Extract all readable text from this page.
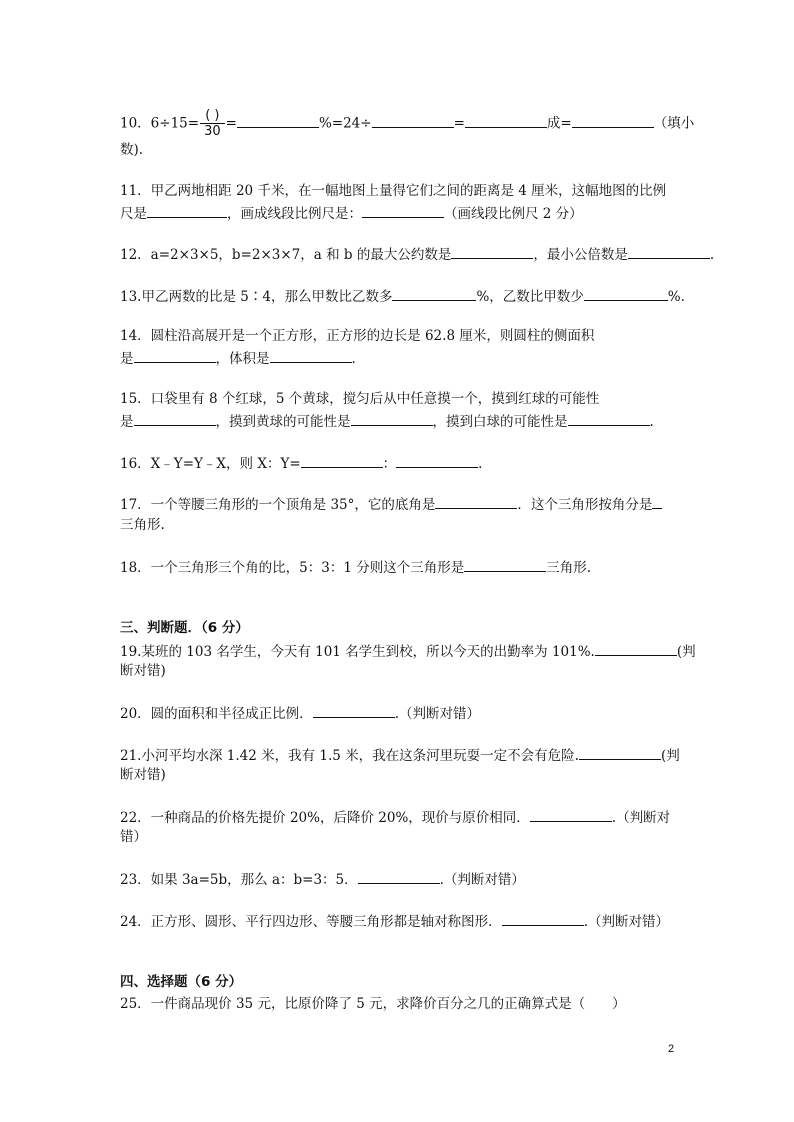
10．$6\div 15= \frac{( )}{30}$ =	%=24÷	=	成=	（填小
数).
11．甲乙两地相距 20 千米，在一幅地图上量得它们之间的距离是 4 厘米，这幅地图的比例
尺是	，画成线段比例尺是：	（画线段比例尺 2 分）
12．a=2×3×5，b=2×3×7，a 和 b 的最大公约数是	，最小公倍数是	.
13.甲乙两数的比是 5∶4，那么甲数比乙数多	%，乙数比甲数少	%.
14．圆柱沿高展开是一个正方形，正方形的边长是 62.8 厘米，则圆柱的侧面积
是	，体积是	.
15．口袋里有 8 个红球，5 个黄球，搅匀后从中任意摸一个，摸到红球的可能性
是	，摸到黄球的可能性是	，摸到白球的可能性是	.
16．X﹣Y=Y﹣X，则 X：Y=	：	.
17．一个等腰三角形的一个顶角是 35°，它的底角是	．这个三角形按角分是
三角形.
18．一个三角形三个角的比，5：3：1 分则这个三角形是	三角形.
三、判断题．（6 分）
19.某班的 103 名学生，今天有 101 名学生到校，所以今天的出勤率为 101%.	(判
断对错)
20．圆的面积和半径成正比例．	.（判断对错）
21.小河平均水深 1.42 米，我有 1.5 米，我在这条河里玩耍一定不会有危险.	(判
断对错)
22．一种商品的价格先提价 20%，后降价 20%，现价与原价相同．	.（判断对
错）
23．如果 3a=5b，那么 a：b=3：5．	.（判断对错）
24．正方形、圆形、平行四边形、等腰三角形都是轴对称图形．	.（判断对错）
四、选择题（6 分）
25．一件商品现价 35 元，比原价降了 5 元，求降价百分之几的正确算式是（　　）
2
